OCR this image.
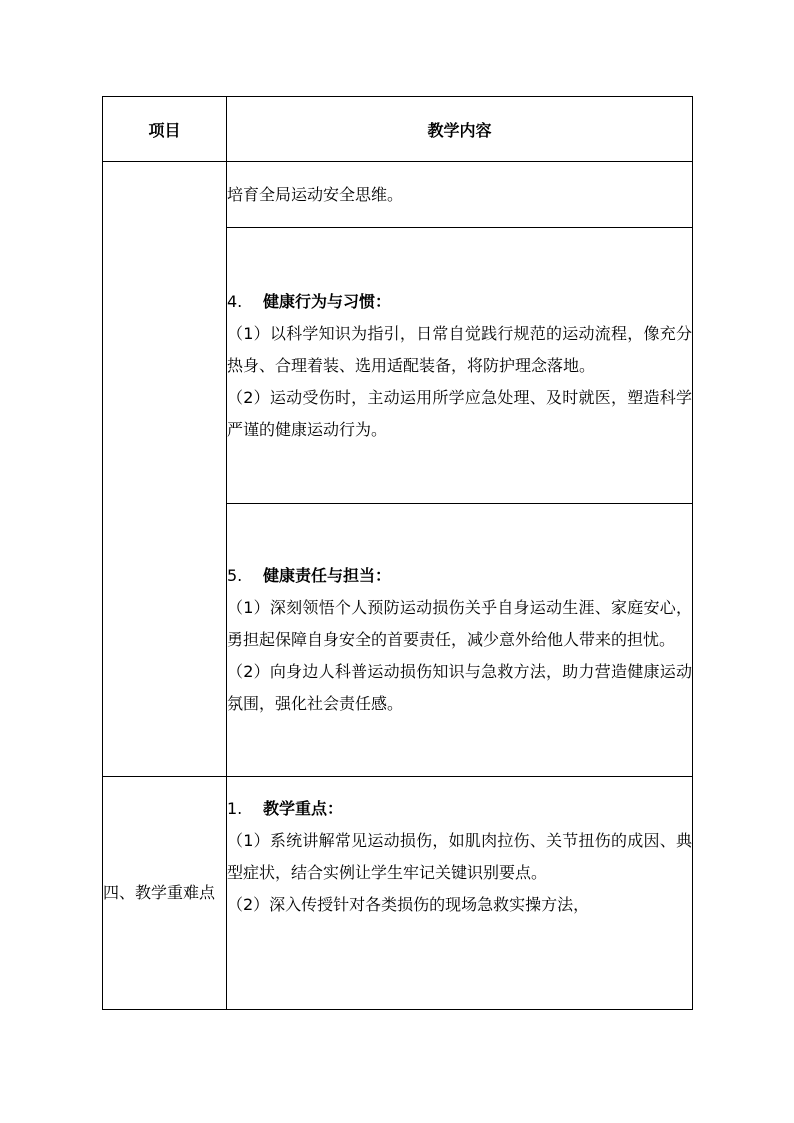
项目	教学内容

	培育全局运动安全思维。

	4. 健康行为与习惯：

（1）以科学知识为指引，日常自觉践行规范的运动流程，像充分热身、合理着装、选用适配装备，将防护理念落地。

（2）运动受伤时，主动运用所学应急处理、及时就医，塑造科学严谨的健康运动行为。

	5. 健康责任与担当：

（1）深刻领悟个人预防运动损伤关乎自身运动生涯、家庭安心，勇担起保障自身安全的首要责任，减少意外给他人带来的担忧。

（2）向身边人科普运动损伤知识与急救方法，助力营造健康运动氛围，强化社会责任感。

四、教学重难点	1. 教学重点：

（1）系统讲解常见运动损伤，如肌肉拉伤、关节扭伤的成因、典型症状，结合实例让学生牢记关键识别要点。

（2）深入传授针对各类损伤的现场急救实操方法，
